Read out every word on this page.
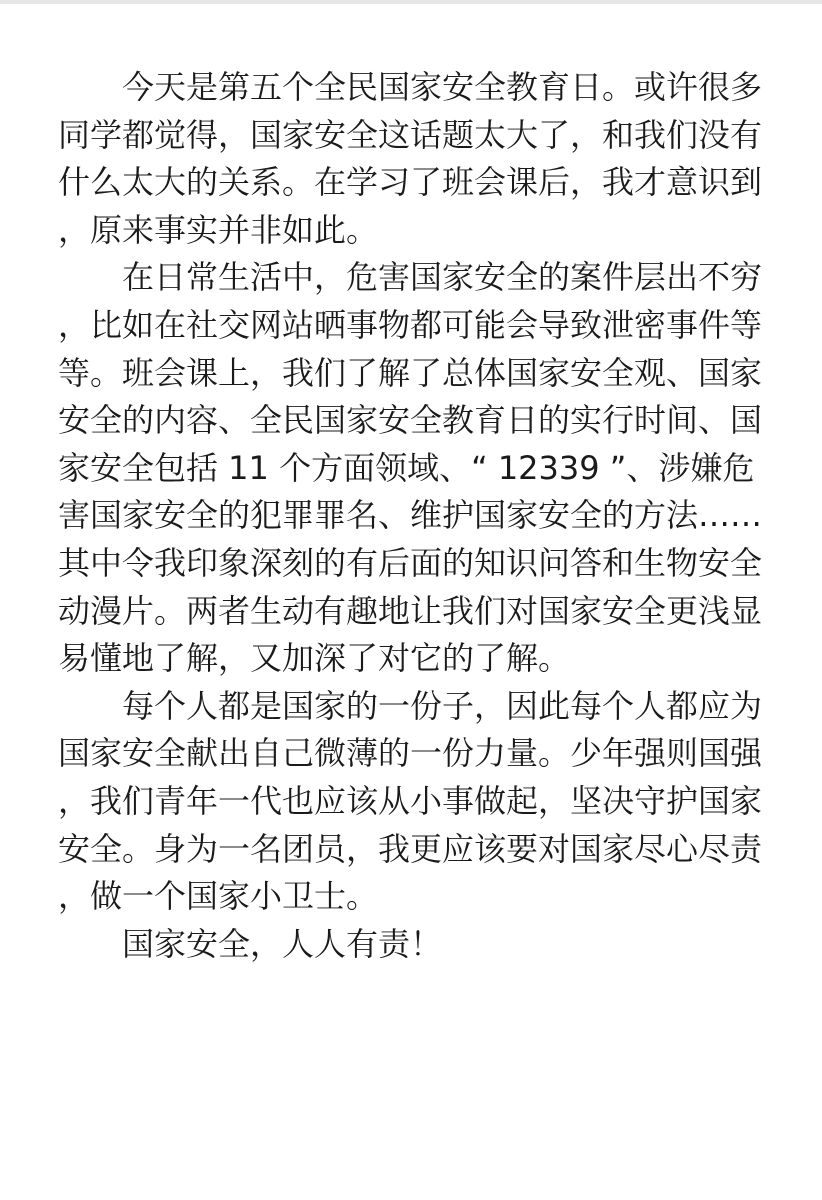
今天是第五个全民国家安全教育日。或许很多
同学都觉得，国家安全这话题太大了，和我们没有
什么太大的关系。在学习了班会课后，我才意识到
，原来事实并非如此。
在日常生活中，危害国家安全的案件层出不穷
，比如在社交网站晒事物都可能会导致泄密事件等
等。班会课上，我们了解了总体国家安全观、国家
安全的内容、全民国家安全教育日的实行时间、国
家安全包括 11 个方面领域、“ 12339 ”、涉嫌危
害国家安全的犯罪罪名、维护国家安全的方法……
其中令我印象深刻的有后面的知识问答和生物安全
动漫片。两者生动有趣地让我们对国家安全更浅显
易懂地了解，又加深了对它的了解。
每个人都是国家的一份子，因此每个人都应为
国家安全献出自己微薄的一份力量。少年强则国强
，我们青年一代也应该从小事做起，坚决守护国家
安全。身为一名团员，我更应该要对国家尽心尽责
，做一个国家小卫士。
国家安全，人人有责！
